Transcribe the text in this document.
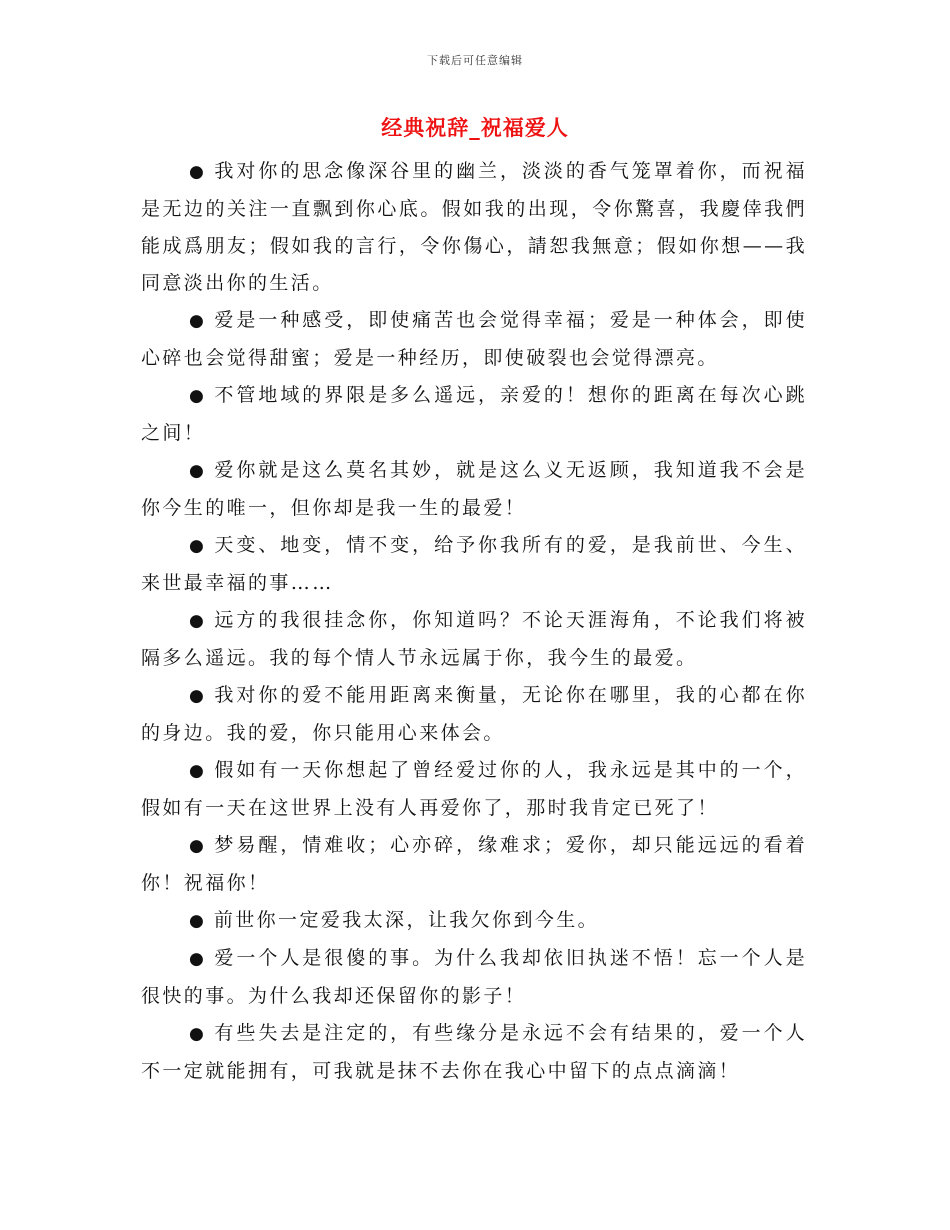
下载后可任意编辑
经典祝辞_祝福爱人

● 我对你的思念像深谷里的幽兰，淡淡的香气笼罩着你，而祝福是无边的关注一直飘到你心底。假如我的出现，令你驚喜，我慶倖我們能成爲朋友；假如我的言行，令你傷心，請恕我無意；假如你想——我同意淡出你的生活。

● 爱是一种感受，即使痛苦也会觉得幸福；爱是一种体会，即使心碎也会觉得甜蜜；爱是一种经历，即使破裂也会觉得漂亮。

● 不管地域的界限是多么遥远，亲爱的！想你的距离在每次心跳之间！

● 爱你就是这么莫名其妙，就是这么义无返顾，我知道我不会是你今生的唯一，但你却是我一生的最爱！

● 天变、地变，情不变，给予你我所有的爱，是我前世、今生、来世最幸福的事……

● 远方的我很挂念你，你知道吗？不论天涯海角，不论我们将被隔多么遥远。我的每个情人节永远属于你，我今生的最爱。

● 我对你的爱不能用距离来衡量，无论你在哪里，我的心都在你的身边。我的爱，你只能用心来体会。

● 假如有一天你想起了曾经爱过你的人，我永远是其中的一个，假如有一天在这世界上没有人再爱你了，那时我肯定已死了！

● 梦易醒，情难收；心亦碎，缘难求；爱你，却只能远远的看着你！祝福你！

● 前世你一定爱我太深，让我欠你到今生。

● 爱一个人是很傻的事。为什么我却依旧执迷不悟！忘一个人是很快的事。为什么我却还保留你的影子！

● 有些失去是注定的，有些缘分是永远不会有结果的，爱一个人不一定就能拥有，可我就是抹不去你在我心中留下的点点滴滴！
